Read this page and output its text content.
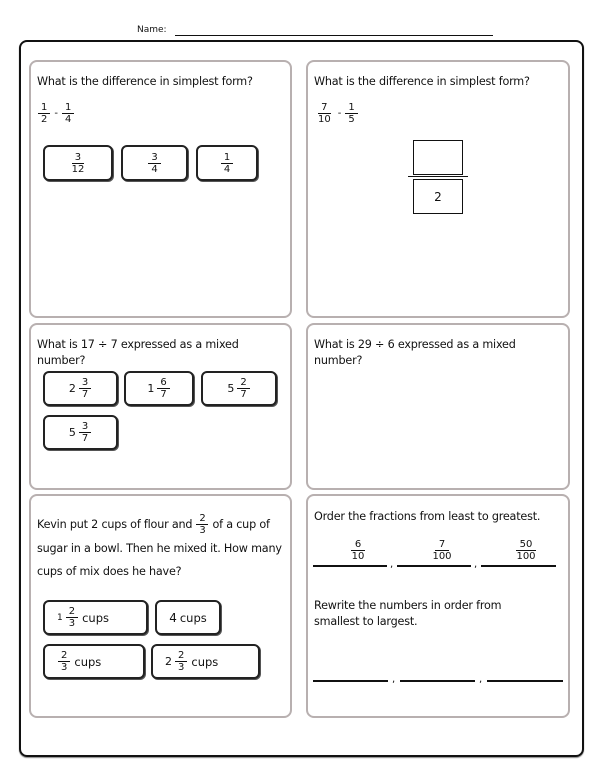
Name:
What is the difference in simplest form?
$\frac{1}{2} - \frac{1}{4}$
$\frac{3}{12}$	$\frac{3}{4}$	$\frac{1}{4}$
What is the difference in simplest form?
$\frac{7}{10} - \frac{1}{5}$
2
What is 17 ÷ 7 expressed as a mixed number?
$2 \frac{3}{7}$	$1 \frac{6}{7}$	$5 \frac{2}{7}$
$5 \frac{3}{7}$
What is 29 ÷ 6 expressed as a mixed
number?
Kevin put 2 cups of flour and $\frac{2}{3}$ of a cup of
sugar in a bowl. Then he mixed it. How many
cups of mix does he have?
$1 \frac{2}{3}$ cups	4 cups
$\frac{2}{3}$ cups	$2 \frac{2}{3}$ cups
Order the fractions from least to greatest.
6
10
7
100
50
100
,	,
Rewrite the numbers in order from
smallest to largest.
,	,
